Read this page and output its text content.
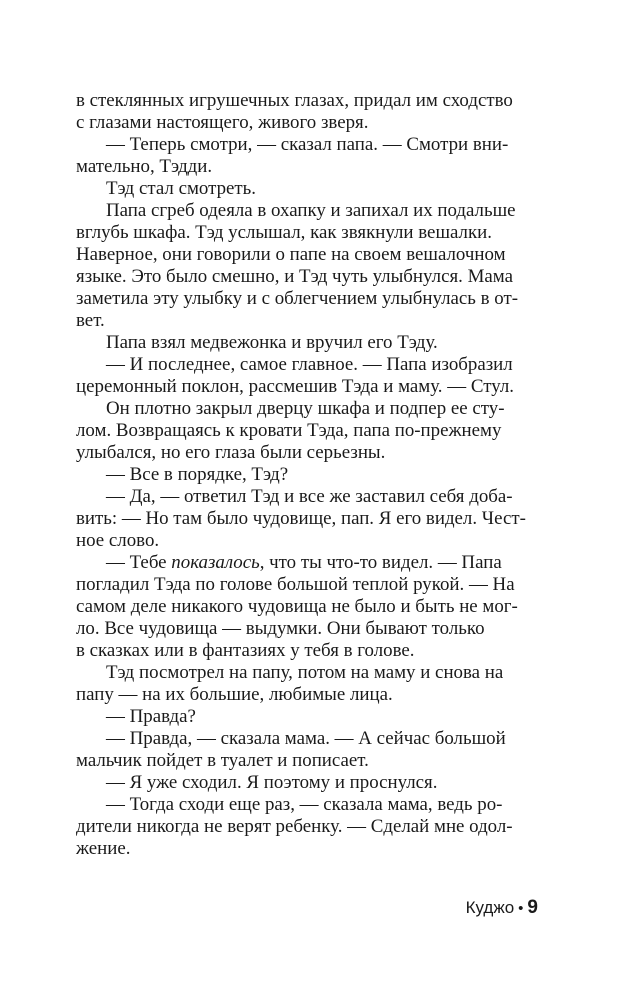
в стеклянных игрушечных глазах, придал им сходство
с глазами настоящего, живого зверя.
— Теперь смотри, — сказал папа. — Смотри вни-
мательно, Тэдди.
Тэд стал смотреть.
Папа сгреб одеяла в охапку и запихал их подальше
вглубь шкафа. Тэд услышал, как звякнули вешалки.
Наверное, они говорили о папе на своем вешалочном
языке. Это было смешно, и Тэд чуть улыбнулся. Мама
заметила эту улыбку и с облегчением улыбнулась в от-
вет.
Папа взял медвежонка и вручил его Тэду.
— И последнее, самое главное. — Папа изобразил
церемонный поклон, рассмешив Тэда и маму. — Стул.
Он плотно закрыл дверцу шкафа и подпер ее сту-
лом. Возвращаясь к кровати Тэда, папа по-прежнему
улыбался, но его глаза были серьезны.
— Все в порядке, Тэд?
— Да, — ответил Тэд и все же заставил себя доба-
вить: — Но там было чудовище, пап. Я его видел. Чест-
ное слово.
— Тебе показалось, что ты что-то видел. — Папа
погладил Тэда по голове большой теплой рукой. — На
самом деле никакого чудовища не было и быть не мог-
ло. Все чудовища — выдумки. Они бывают только
в сказках или в фантазиях у тебя в голове.
Тэд посмотрел на папу, потом на маму и снова на
папу — на их большие, любимые лица.
— Правда?
— Правда, — сказала мама. — А сейчас большой
мальчик пойдет в туалет и пописает.
— Я уже сходил. Я поэтому и проснулся.
— Тогда сходи еще раз, — сказала мама, ведь ро-
дители никогда не верят ребенку. — Сделай мне одол-
жение.
Куджо • 9
